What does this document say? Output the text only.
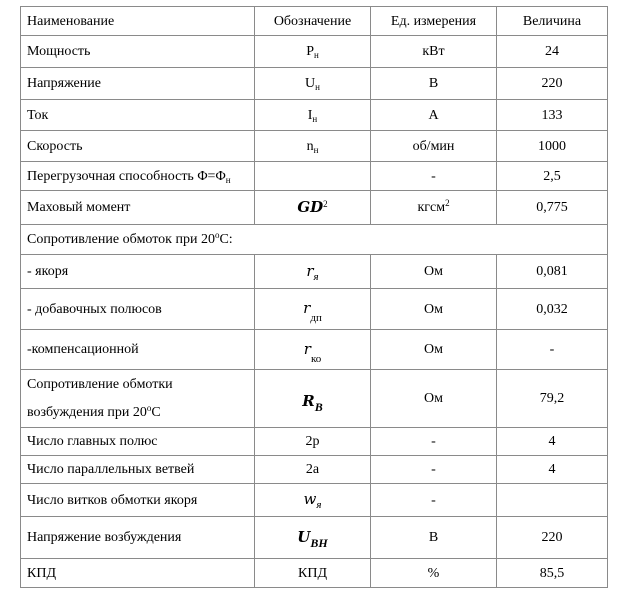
Наименование	Обозначение	Ед. измерения	Величина
Мощность	$P_н$	кВт	24
Напряжение	$U_н$	В	220
Ток	$I_н$	А	133
Скорость	$n_н$	об/мин	1000
Перегрузочная способность $\Phi=\Phi_н$		-	2,5
Маховый момент	$GD^2$	кгсм$^2$	0,775
Сопротивление обмоток при $20^оС$:			
- якоря	$r_я$	Ом	0,081
- добавочных полюсов	$r_{дп}$	Ом	0,032
-компенсационной	$r_{ко}$	Ом	-

Сопротивление обмотки
возбуждения при $20^оС$	RB	Ом	79,2
Число главных полюс	2p	-	4
Число параллельных ветвей	2a	-	4
Число витков обмотки якоря	$w_я$	-	
Напряжение возбуждения	UBH	В	220
КПД	КПД	%	85,5
